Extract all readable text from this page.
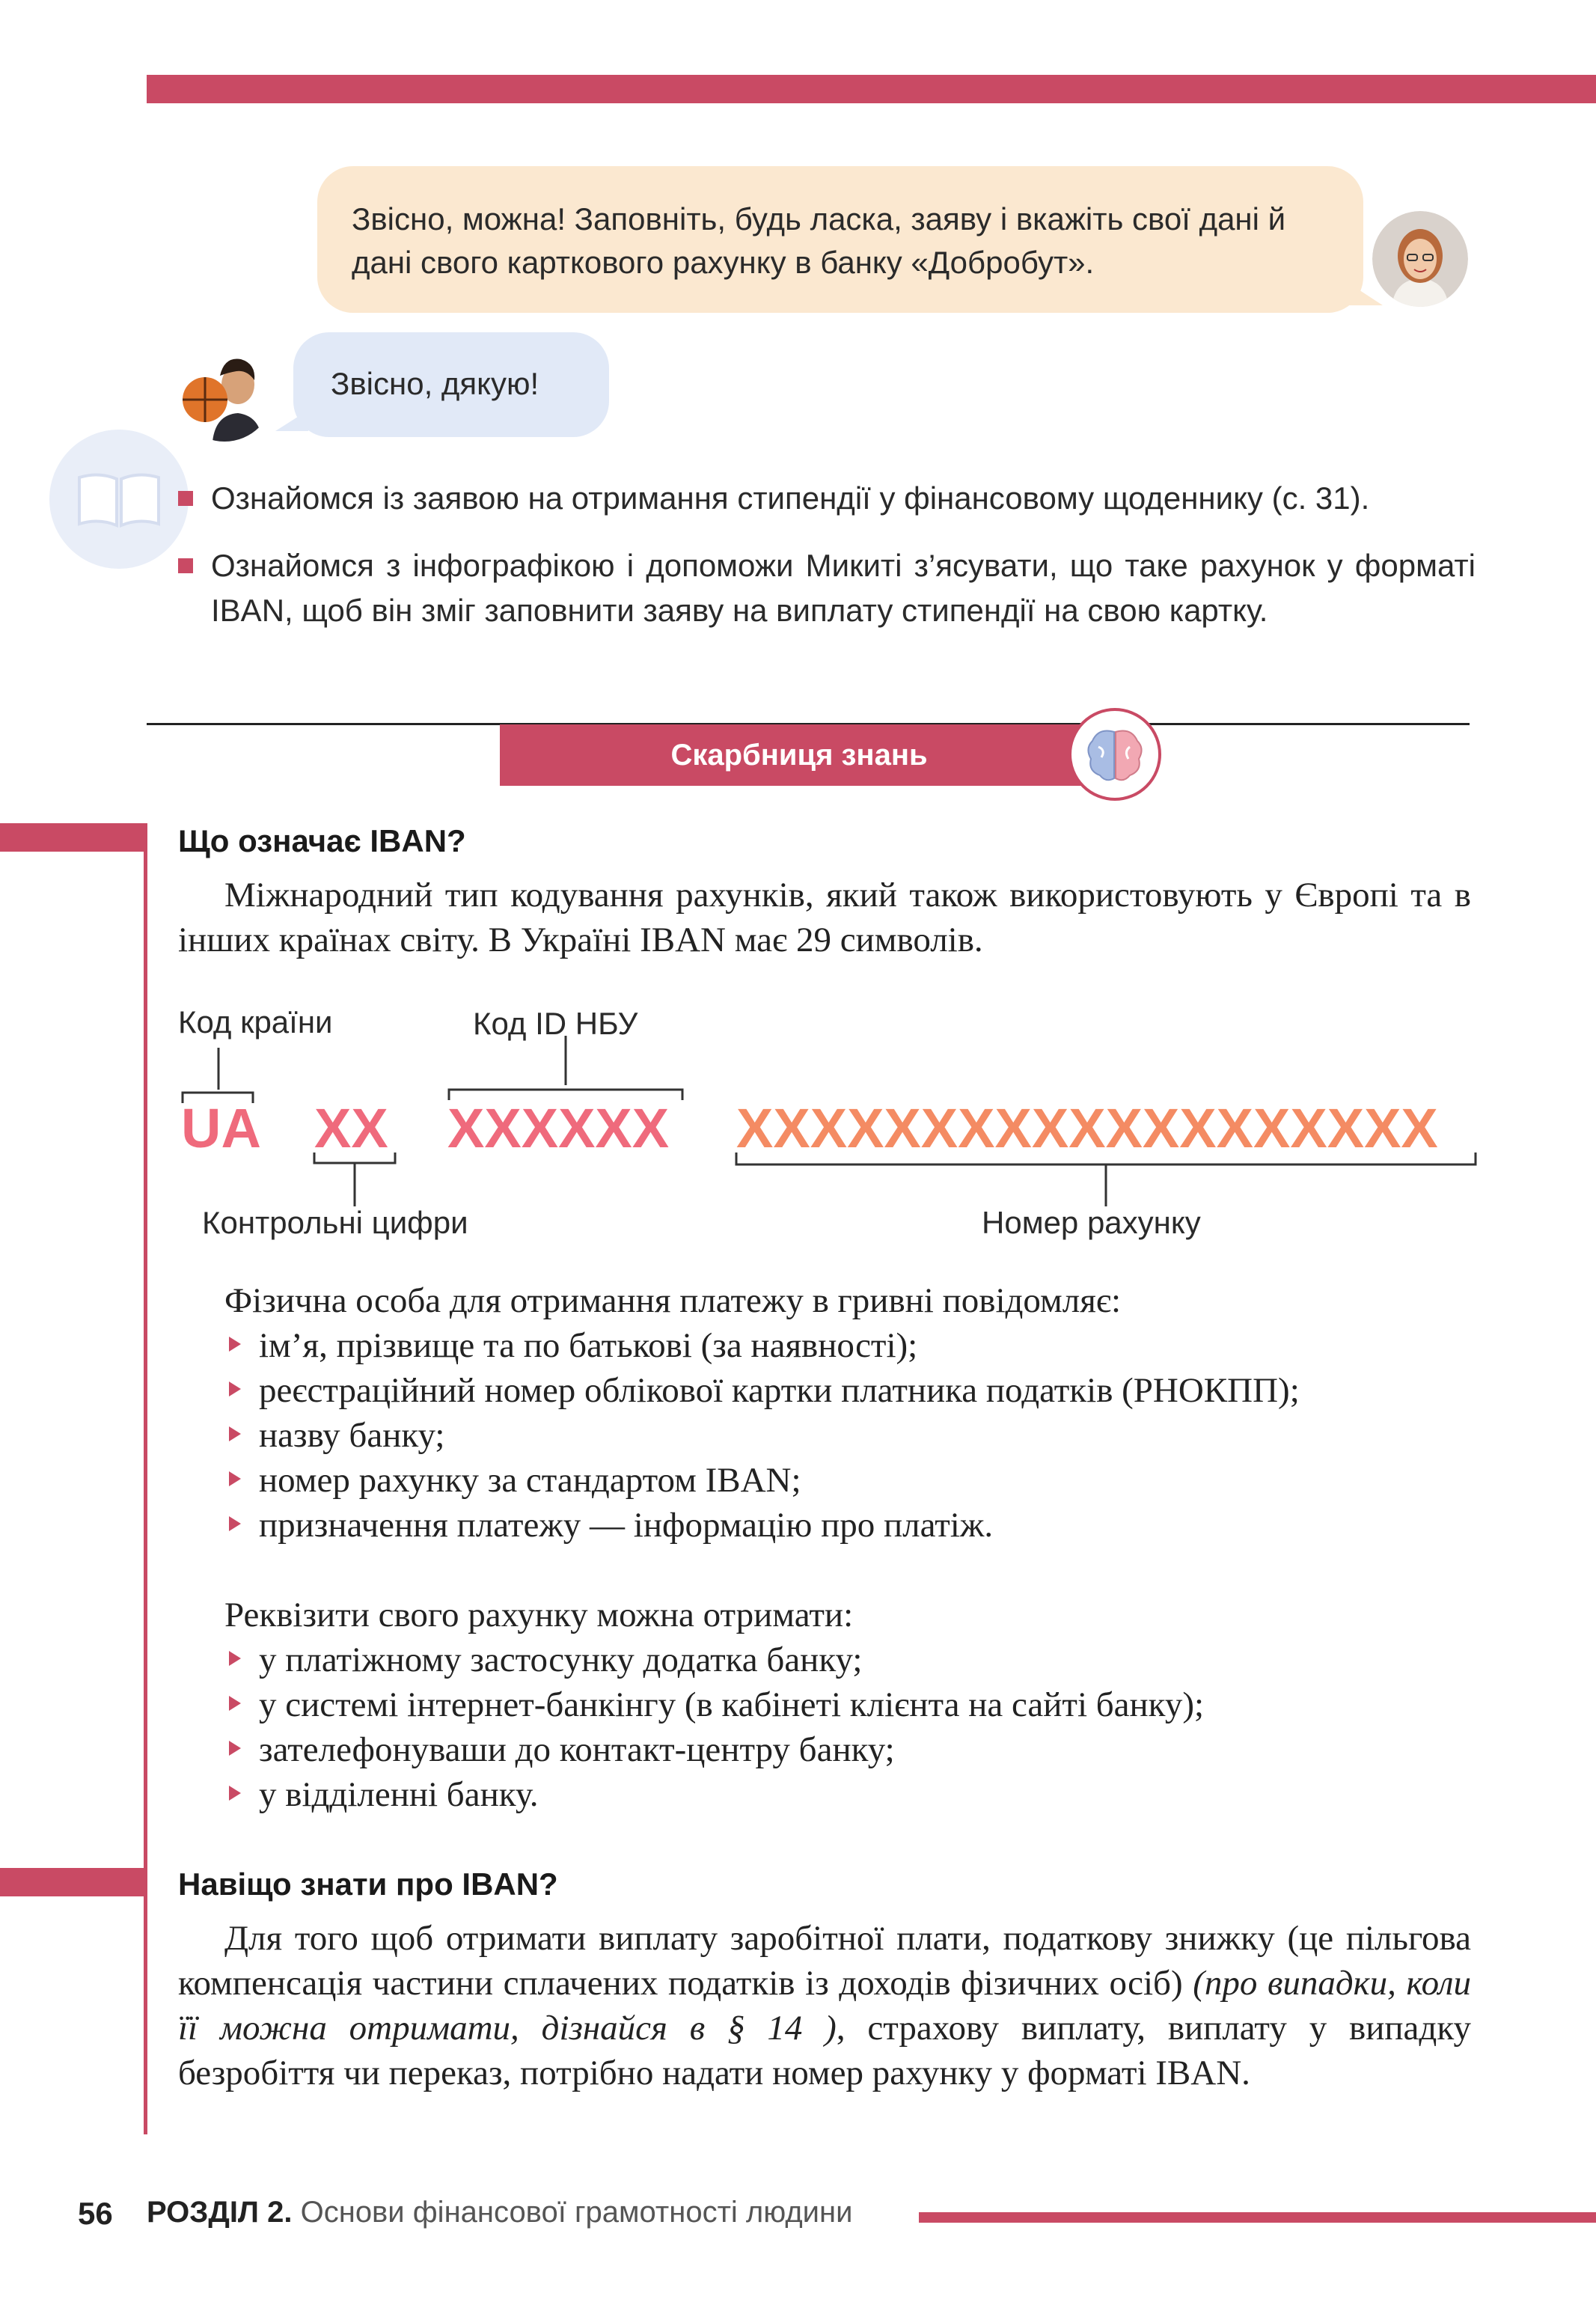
Звісно, можна! Заповніть, будь ласка, заяву і вкажіть свої дані й дані свого карткового рахунку в банку «Добробут».
Звісно, дякую!
Ознайомся із заявою на отримання стипендії у фінансовому щоденнику (с. 31).
Ознайомся з інфографікою і допоможи Микиті з’ясувати, що таке рахунок у форматі IBAN, щоб він зміг заповнити заяву на виплату стипендії на свою картку.
Скарбниця знань
Що означає IBAN?
Міжнародний тип кодування рахунків, який також використовують у Європі та в інших країнах світу. В Україні IBAN має 29 символів.
Код країни	Код ID НБУ
UA XX XXXXXX XXXXXXXXXXXXXXXXXXX
Контрольні цифри	Номер рахунку
Фізична особа для отримання платежу в гривні повідомляє:
ім’я, прізвище та по батькові (за наявності);
реєстраційний номер облікової картки платника податків (РНОКПП);
назву банку;
номер рахунку за стандартом IBAN;
призначення платежу — інформацію про платіж.
Реквізити свого рахунку можна отримати:
у платіжному застосунку додатка банку;
у системі інтернет-банкінгу (в кабінеті клієнта на сайті банку);
зателефонуваши до контакт-центру банку;
у відділенні банку.
Навіщо знати про IBAN?
Для того щоб отримати виплату заробітної плати, податкову знижку (це пільгова компенсація частини сплачених податків із доходів фізичних осіб) (про випадки, коли її можна отримати, дізнайся в § 14 ), страхову виплату, виплату у випадку безробіття чи переказ, потрібно надати номер рахунку у форматі IBAN.
56 РОЗДІЛ 2. Основи фінансової грамотності людини
